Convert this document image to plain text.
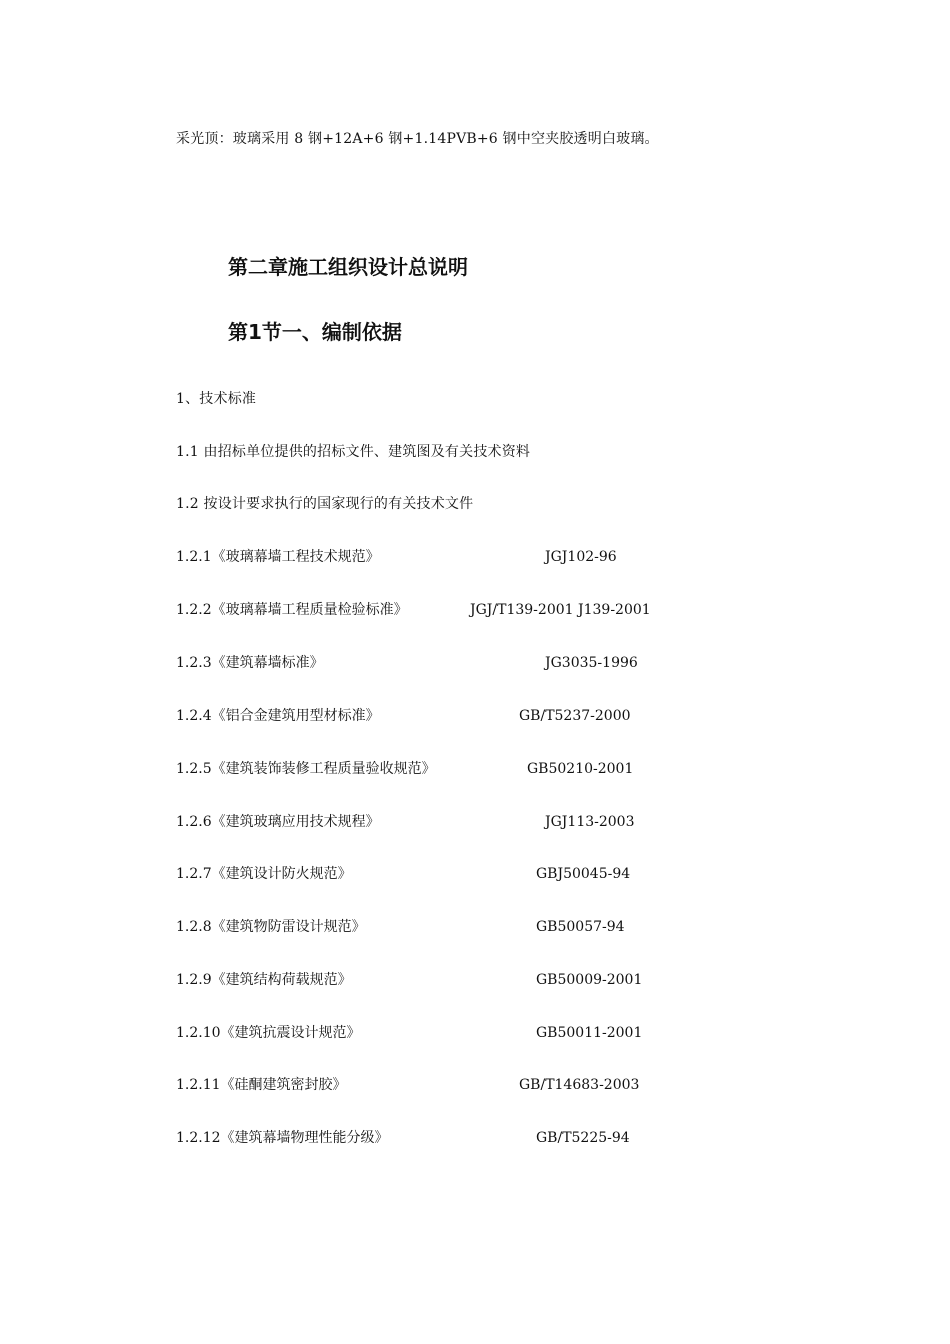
采光顶：玻璃采用 8 钢+12A+6 钢+1.14PVB+6 钢中空夹胶透明白玻璃。
第二章施工组织设计总说明
第1节一、编制依据
1、技术标准
1.1 由招标单位提供的招标文件、建筑图及有关技术资料
1.2 按设计要求执行的国家现行的有关技术文件
1.2.1《玻璃幕墙工程技术规范》	JGJ102-96
1.2.2《玻璃幕墙工程质量检验标准》	JGJ/T139-2001 J139-2001
1.2.3《建筑幕墙标准》	JG3035-1996
1.2.4《铝合金建筑用型材标准》	GB/T5237-2000
1.2.5《建筑装饰装修工程质量验收规范》	GB50210-2001
1.2.6《建筑玻璃应用技术规程》	JGJ113-2003
1.2.7《建筑设计防火规范》	GBJ50045-94
1.2.8《建筑物防雷设计规范》	GB50057-94
1.2.9《建筑结构荷载规范》	GB50009-2001
1.2.10《建筑抗震设计规范》	GB50011-2001
1.2.11《硅酮建筑密封胶》	GB/T14683-2003
1.2.12《建筑幕墙物理性能分级》	GB/T5225-94
